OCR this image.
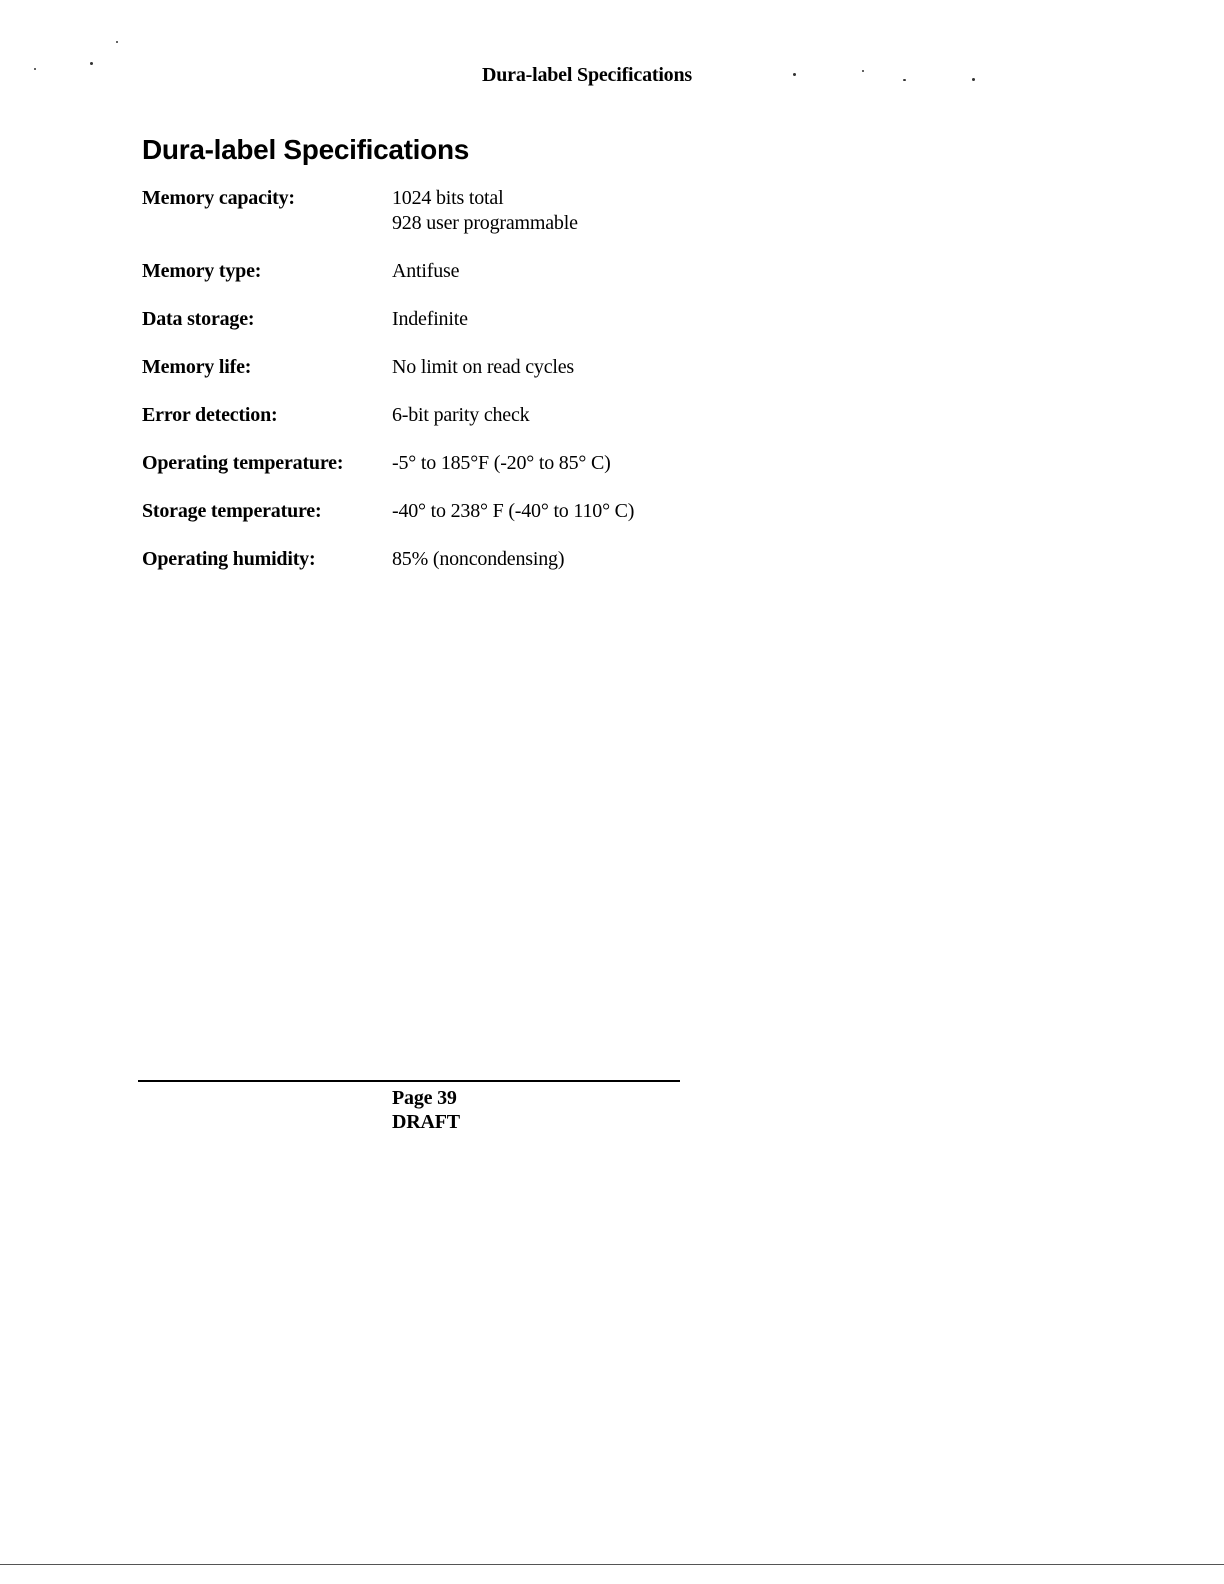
Dura-label Specifications
Dura-label Specifications
Memory capacity:	1024 bits total
928 user programmable
Memory type:	Antifuse
Data storage:	Indefinite
Memory life:	No limit on read cycles
Error detection:	6-bit parity check
Operating temperature:	-5° to 185°F (-20° to 85° C)
Storage temperature:	-40° to 238° F (-40° to 110° C)
Operating humidity:	85% (noncondensing)
Page 39
DRAFT
